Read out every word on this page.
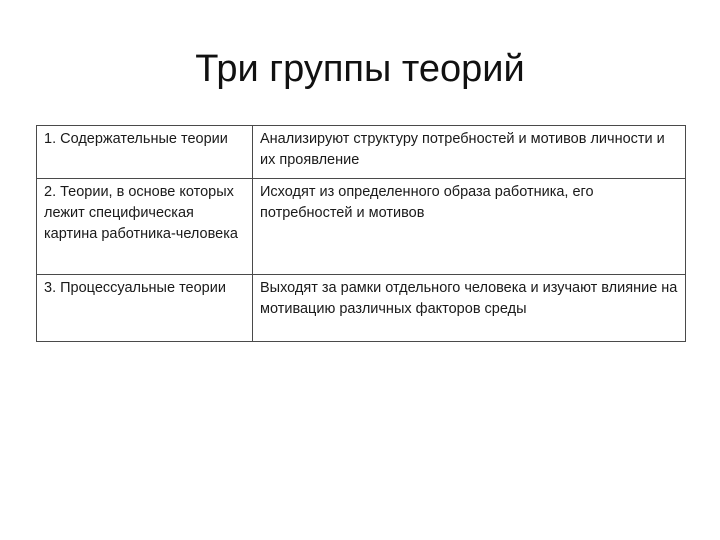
Три группы теорий
1. Содержательные теории	Анализируют структуру потребностей и мотивов личности и их проявление
2. Теории, в основе которых лежит специфическая картина работника-человека	Исходят из определенного образа работника, его потребностей и мотивов
3. Процессуальные теории	Выходят за рамки отдельного человека и изучают влияние на мотивацию различных факторов среды
